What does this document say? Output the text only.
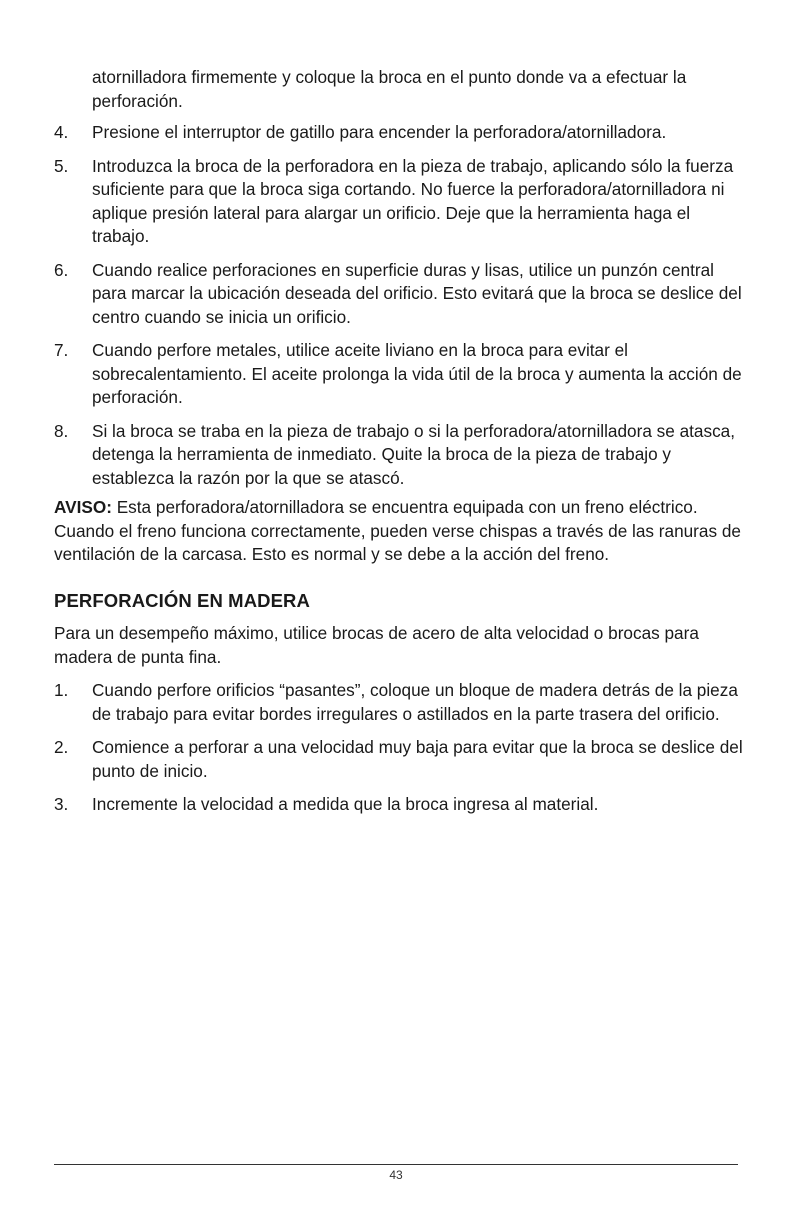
atornilladora firmemente y coloque la broca en el punto donde va a efectuar la perforación.
4. Presione el interruptor de gatillo para encender la perforadora/atornilladora.
5. Introduzca la broca de la perforadora en la pieza de trabajo, aplicando sólo la fuerza suficiente para que la broca siga cortando. No fuerce la perforadora/atornilladora ni aplique presión lateral para alargar un orificio. Deje que la herramienta haga el trabajo.
6. Cuando realice perforaciones en superficie duras y lisas, utilice un punzón central para marcar la ubicación deseada del orificio. Esto evitará que la broca se deslice del centro cuando se inicia un orificio.
7. Cuando perfore metales, utilice aceite liviano en la broca para evitar el sobrecalentamiento. El aceite prolonga la vida útil de la broca y aumenta la acción de perforación.
8. Si la broca se traba en la pieza de trabajo o si la perforadora/atornilladora se atasca, detenga la herramienta de inmediato. Quite la broca de la pieza de trabajo y establezca la razón por la que se atascó.

AVISO: Esta perforadora/atornilladora se encuentra equipada con un freno eléctrico. Cuando el freno funciona correctamente, pueden verse chispas a través de las ranuras de ventilación de la carcasa. Esto es normal y se debe a la acción del freno.

PERFORACIÓN EN MADERA

Para un desempeño máximo, utilice brocas de acero de alta velocidad o brocas para madera de punta fina.

1. Cuando perfore orificios “pasantes”, coloque un bloque de madera detrás de la pieza de trabajo para evitar bordes irregulares o astillados en la parte trasera del orificio.
2. Comience a perforar a una velocidad muy baja para evitar que la broca se deslice del punto de inicio.
3. Incremente la velocidad a medida que la broca ingresa al material.
43
